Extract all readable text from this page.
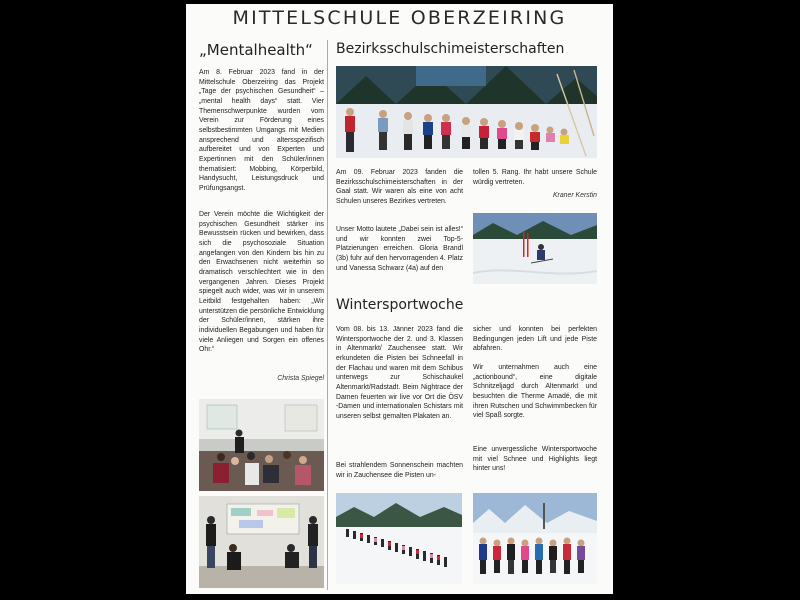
MITTELSCHULE OBERZEIRING
„Mentalhealth“

Am 8. Februar 2023 fand in der Mittelschule Oberzeiring das Projekt „Tage der psychischen Gesundheit“ – „mental health days“ statt. Vier Themenschwerpunkte wurden vom Verein zur Förderung eines selbstbestimmten Umgangs mit Medien ansprechend und altersspezifisch aufbereitet und von Experten und Expertinnen mit den Schüler/innen thematisiert: Mobbing, Körperbild, Handysucht, Leistungsdruck und Prüfungsangst.

Der Verein möchte die Wichtigkeit der psychischen Gesundheit stärker ins Bewusstsein rücken und bewirken, dass sich die psychosoziale Situation angefangen von den Kindern bis hin zu den Erwachsenen nicht weiterhin so dramatisch verschlechtert wie in den vergangenen Jahren. Dieses Projekt spiegelt auch wider, was wir in unserem Leitbild festgehalten haben: „Wir unterstützen die persönliche Entwicklung der Schüler/innen, stärken ihre individuellen Begabungen und haben für viele Anliegen und Sorgen ein offenes Ohr.“

Christa Spiegel
Bezirksschulschimeisterschaften

Am 09. Februar 2023 fanden die Bezirksschulschimeisterschaften in der Gaal statt. Wir waren als eine von acht Schulen unseres Bezirkes vertreten.

Unser Motto lautete „Dabei sein ist alles!“ und wir konnten zwei Top-5-Platzierungen erreichen. Gloria Brandl (3b) fuhr auf den hervorragenden 4. Platz und Vanessa Schwarz (4a) auf den

tollen 5. Rang. Ihr habt unsere Schule würdig vertreten.

Kraner Kerstin
Wintersportwoche

Vom 08. bis 13. Jänner 2023 fand die Wintersportwoche der 2. und 3. Klassen in Altenmarkt/ Zauchensee statt. Wir erkundeten die Pisten bei Schneefall in der Flachau und waren mit dem Schibus unterwegs zur Schischaukel Altenmarkt/Radstadt. Beim Nightrace der Damen feuerten wir live vor Ort die ÖSV -Damen und internationalen Schistars mit unseren selbst gemalten Plakaten an.

Bei strahlendem Sonnenschein machten wir in Zauchensee die Pisten un-

sicher und konnten bei perfekten Bedingungen jeden Lift und jede Piste abfahren.

Wir unternahmen auch eine „actionbound“, eine digitale Schnitzeljagd durch Altenmarkt und besuchten die Therme Amadé, die mit ihren Rutschen und Schwimmbecken für viel Spaß sorgte.

Eine unvergessliche Wintersportwoche mit viel Schnee und Highlights liegt hinter uns!
